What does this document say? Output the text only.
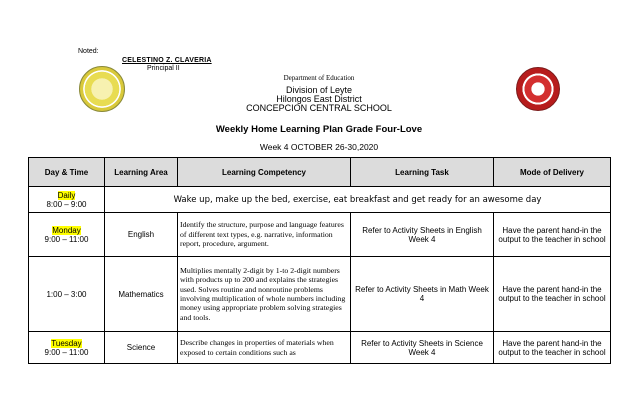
Noted:
CELESTINO Z. CLAVERIA
Principal II
Department of Education
Division of Leyte
Hilongos East District
CONCEPCION CENTRAL SCHOOL
Weekly Home Learning Plan Grade Four-Love
Week 4 OCTOBER 26-30,2020
Day & Time	Learning Area	Learning Competency	Learning Task	Mode of Delivery
Daily
8:00 – 9:00	Wake up, make up the bed, exercise, eat breakfast and get ready for an awesome day			
Monday
9:00 – 11:00	English	Identify the structure, purpose and language features of different text types, e.g. narrative, information report, procedure, argument.	Refer to Activity Sheets in English Week 4	Have the parent hand-in the output to the teacher in school
1:00 – 3:00	Mathematics	Multiplies mentally 2-digit by 1-to 2-digit numbers with products up to 200 and explains the strategies used. Solves routine and nonroutine problems involving multiplication of whole numbers including money using appropriate problem solving strategies and tools.	Refer to Activity Sheets in Math Week 4	Have the parent hand-in the output to the teacher in school
Tuesday
9:00 – 11:00	Science	Describe changes in properties of materials when exposed to certain conditions such as	Refer to Activity Sheets in Science Week 4	Have the parent hand-in the output to the teacher in school
